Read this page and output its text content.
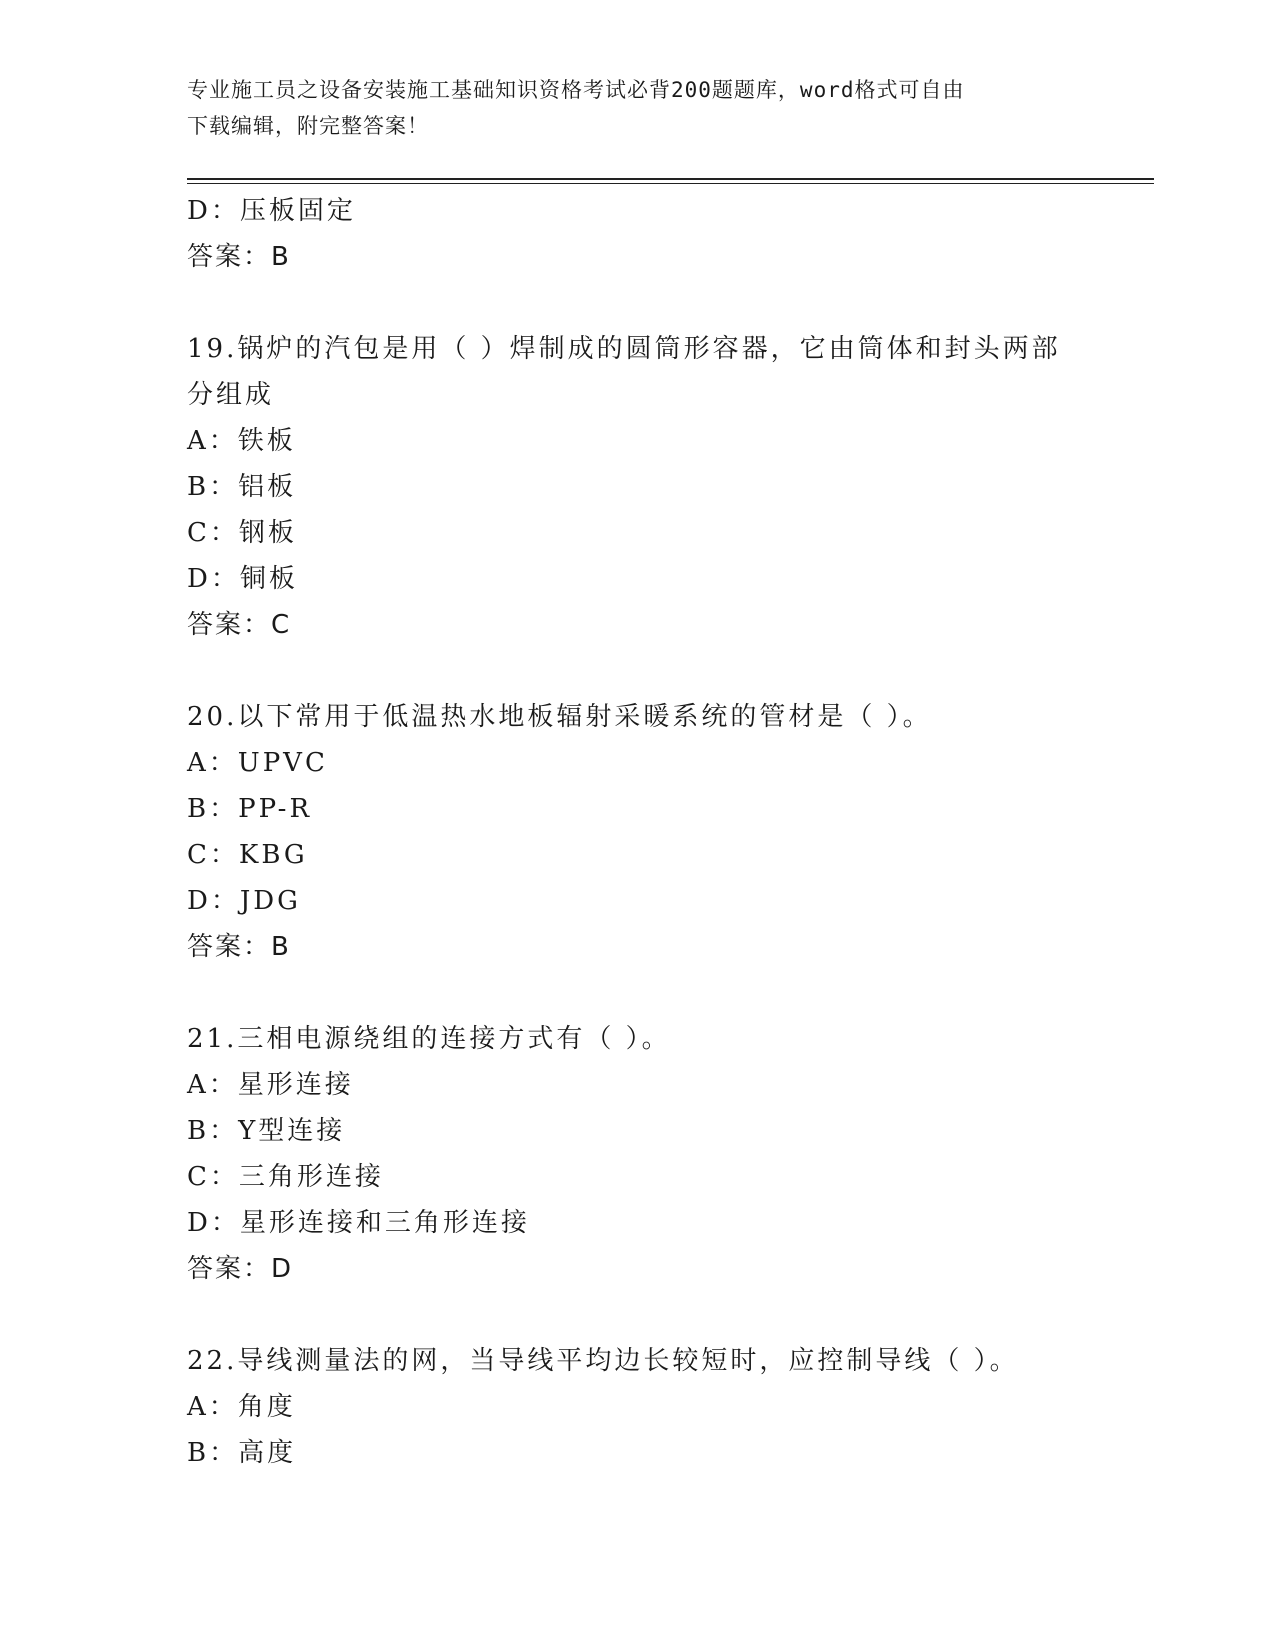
专业施工员之设备安装施工基础知识资格考试必背200题题库，word格式可自由
下载编辑，附完整答案！
D：压板固定
答案：B
19.锅炉的汽包是用（ ）焊制成的圆筒形容器，它由筒体和封头两部
分组成
A：铁板
B：铝板
C：钢板
D：铜板
答案：C
20.以下常用于低温热水地板辐射采暖系统的管材是（ ）。
A：UPVC
B：PP-R
C：KBG
D：JDG
答案：B
21.三相电源绕组的连接方式有（ ）。
A：星形连接
B：Y型连接
C：三角形连接
D：星形连接和三角形连接
答案：D
22.导线测量法的网，当导线平均边长较短时，应控制导线（ ）。
A：角度
B：高度
